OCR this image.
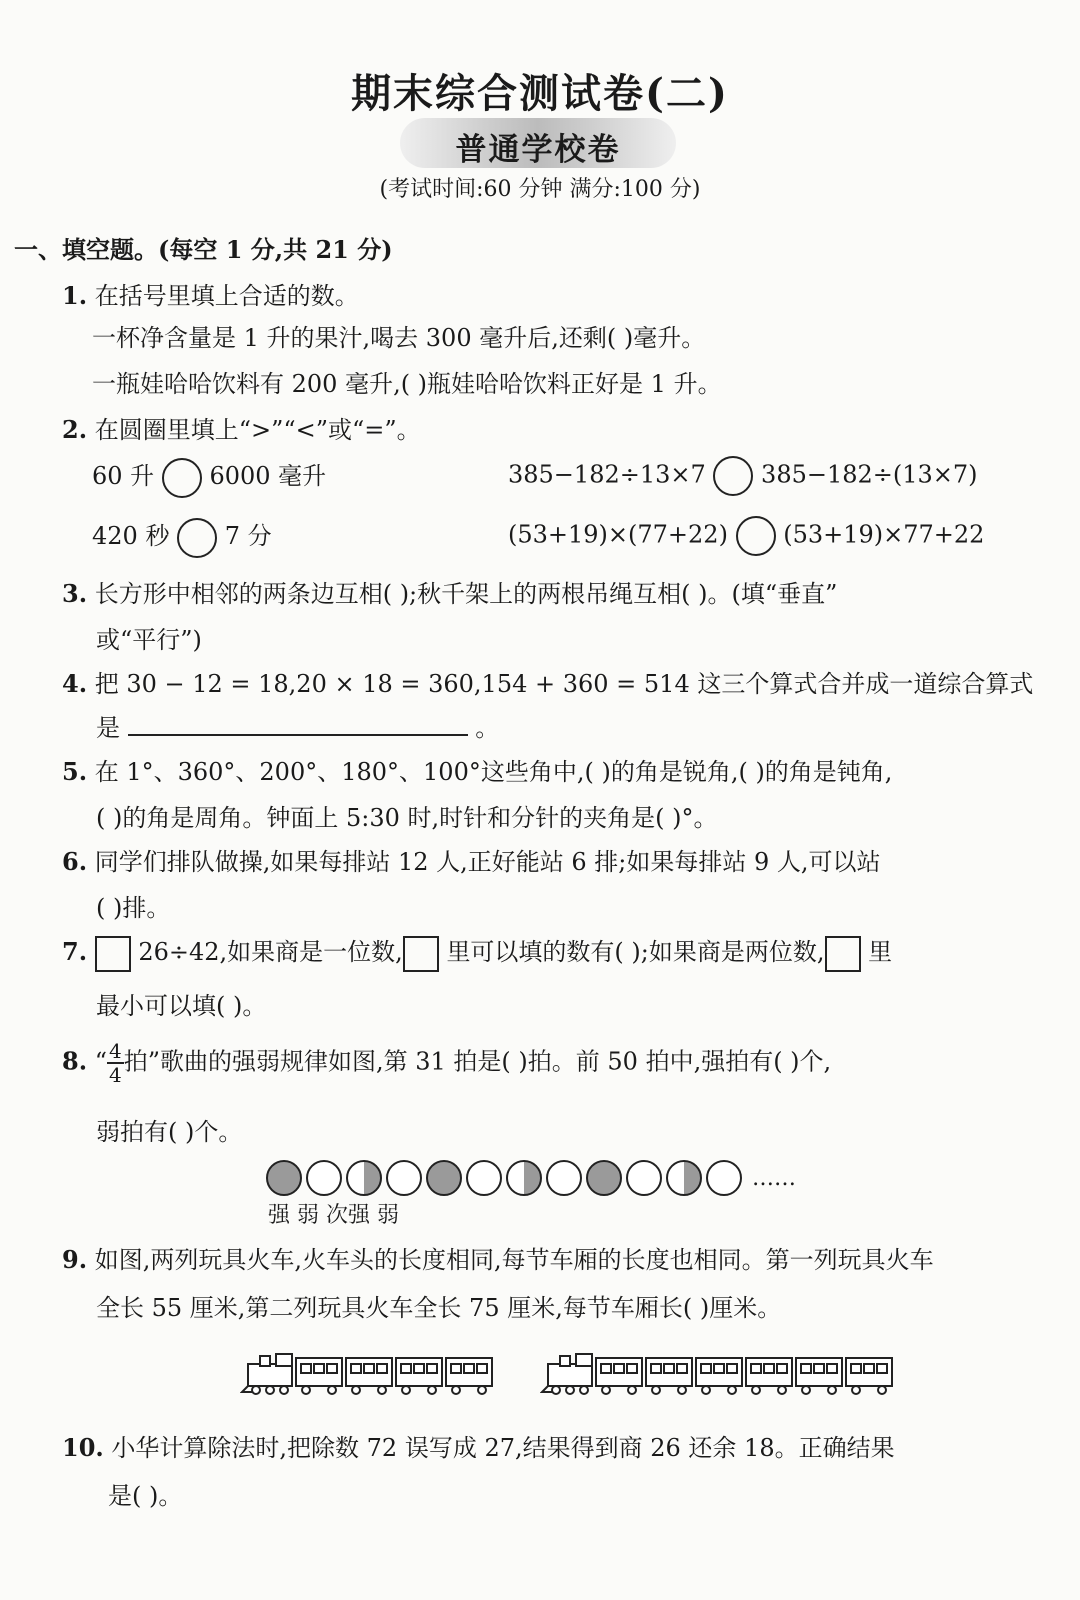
期末综合测试卷(二)
普通学校卷
(考试时间:60 分钟 满分:100 分)
一、填空题。(每空 1 分,共 21 分)
1. 在括号里填上合适的数。
一杯净含量是 1 升的果汁,喝去 300 毫升后,还剩( )毫升。
一瓶娃哈哈饮料有 200 毫升,( )瓶娃哈哈饮料正好是 1 升。
2. 在圆圈里填上“>”“<”或“=”。
60 升 6000 毫升	385−182÷13×7 385−182÷(13×7)
420 秒 7 分	(53+19)×(77+22) (53+19)×77+22
3. 长方形中相邻的两条边互相( );秋千架上的两根吊绳互相( )。(填“垂直”
或“平行”)
4. 把 30 − 12 = 18,20 × 18 = 360,154 + 360 = 514 这三个算式合并成一道综合算式
是	。
5. 在 1°、360°、200°、180°、100°这些角中,( )的角是锐角,( )的角是钝角,
( )的角是周角。钟面上 5:30 时,时针和分针的夹角是( )°。
6. 同学们排队做操,如果每排站 12 人,正好能站 6 排;如果每排站 9 人,可以站
( )排。
7. 26÷42,如果商是一位数, 里可以填的数有( );如果商是两位数, 里
最小可以填( )。
8. “ $\frac{4}{4}$ 拍”歌曲的强弱规律如图,第 31 拍是( )拍。前 50 拍中,强拍有( )个,
弱拍有( )个。
……
强 弱 次强 弱
9. 如图,两列玩具火车,火车头的长度相同,每节车厢的长度也相同。第一列玩具火车
全长 55 厘米,第二列玩具火车全长 75 厘米,每节车厢长( )厘米。
10. 小华计算除法时,把除数 72 误写成 27,结果得到商 26 还余 18。正确结果
是( )。
